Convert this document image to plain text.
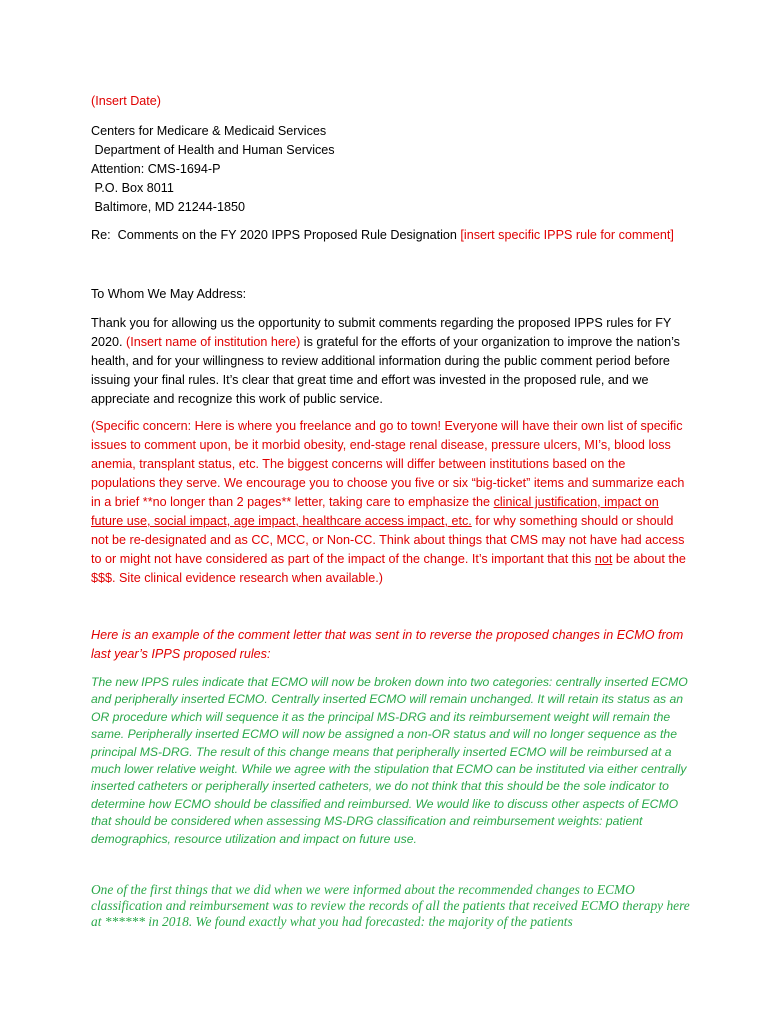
(Insert Date)
Centers for Medicare & Medicaid Services
Department of Health and Human Services
Attention: CMS-1694-P
P.O. Box 8011
Baltimore, MD 21244-1850
Re:  Comments on the FY 2020 IPPS Proposed Rule Designation [insert specific IPPS rule for comment]
To Whom We May Address:

Thank you for allowing us the opportunity to submit comments regarding the proposed IPPS rules for FY 2020. (Insert name of institution here) is grateful for the efforts of your organization to improve the nation’s health, and for your willingness to review additional information during the public comment period before issuing your final rules. It’s clear that great time and effort was invested in the proposed rule, and we appreciate and recognize this work of public service.

(Specific concern: Here is where you freelance and go to town! Everyone will have their own list of specific issues to comment upon, be it morbid obesity, end-stage renal disease, pressure ulcers, MI’s, blood loss anemia, transplant status, etc. The biggest concerns will differ between institutions based on the populations they serve. We encourage you to choose you five or six “big-ticket” items and summarize each in a brief **no longer than 2 pages** letter, taking care to emphasize the clinical justification, impact on future use, social impact, age impact, healthcare access impact, etc. for why something should or should not be re-designated and as CC, MCC, or Non-CC. Think about things that CMS may not have had access to or might not have considered as part of the impact of the change. It’s important that this not be about the $$$. Site clinical evidence research when available.)

Here is an example of the comment letter that was sent in to reverse the proposed changes in ECMO from last year’s IPPS proposed rules:

The new IPPS rules indicate that ECMO will now be broken down into two categories: centrally inserted ECMO and peripherally inserted ECMO. Centrally inserted ECMO will remain unchanged. It will retain its status as an OR procedure which will sequence it as the principal MS-DRG and its reimbursement weight will remain the same. Peripherally inserted ECMO will now be assigned a non-OR status and will no longer sequence as the principal MS-DRG. The result of this change means that peripherally inserted ECMO will be reimbursed at a much lower relative weight. While we agree with the stipulation that ECMO can be instituted via either centrally inserted catheters or peripherally inserted catheters, we do not think that this should be the sole indicator to determine how ECMO should be classified and reimbursed. We would like to discuss other aspects of ECMO that should be considered when assessing MS-DRG classification and reimbursement weights: patient demographics, resource utilization and impact on future use.

One of the first things that we did when we were informed about the recommended changes to ECMO classification and reimbursement was to review the records of all the patients that received ECMO therapy here at ****** in 2018. We found exactly what you had forecasted: the majority of the patients
